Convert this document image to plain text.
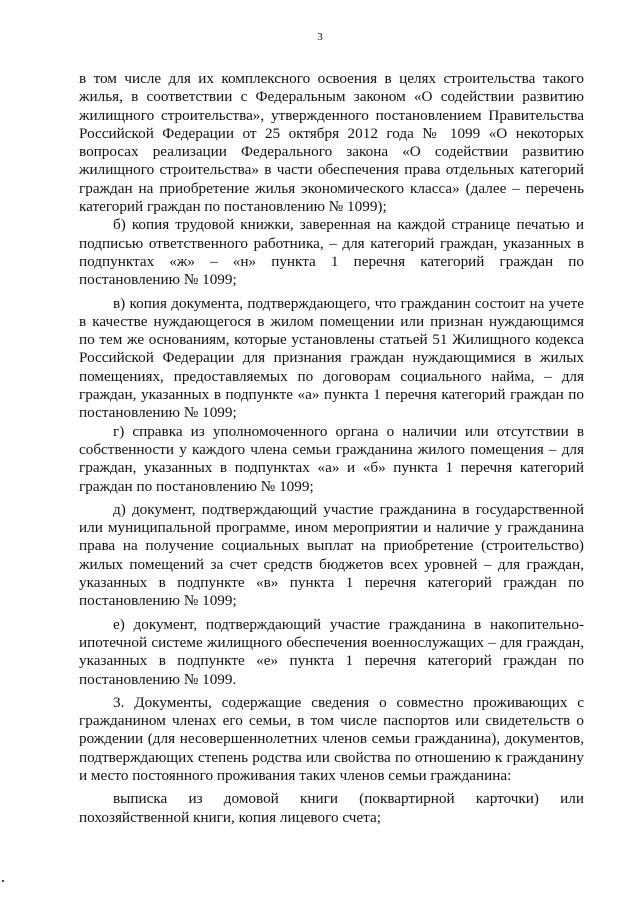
3

в том числе для их комплексного освоения в целях строительства такого жилья, в соответствии с Федеральным законом «О содействии развитию жилищного строительства», утвержденного постановлением Правительства Российской Федерации от 25 октября 2012 года № 1099 «О некоторых вопросах реализации Федерального закона «О содействии развитию жилищного строительства» в части обеспечения права отдельных категорий граждан на приобретение жилья экономического класса» (далее – перечень категорий граждан по постановлению № 1099);

б) копия трудовой книжки, заверенная на каждой странице печатью и подписью ответственного работника, – для категорий граждан, указанных в подпунктах «ж» – «н» пункта 1 перечня категорий граждан по постановлению № 1099;

в) копия документа, подтверждающего, что гражданин состоит на учете в качестве нуждающегося в жилом помещении или признан нуждающимся по тем же основаниям, которые установлены статьей 51 Жилищного кодекса Российской Федерации для признания граждан нуждающимися в жилых помещениях, предоставляемых по договорам социального найма, – для граждан, указанных в подпункте «а» пункта 1 перечня категорий граждан по постановлению № 1099;

г) справка из уполномоченного органа о наличии или отсутствии в собственности у каждого члена семьи гражданина жилого помещения – для граждан, указанных в подпунктах «а» и «б» пункта 1 перечня категорий граждан по постановлению № 1099;

д) документ, подтверждающий участие гражданина в государственной или муниципальной программе, ином мероприятии и наличие у гражданина права на получение социальных выплат на приобретение (строительство) жилых помещений за счет средств бюджетов всех уровней – для граждан, указанных в подпункте «в» пункта 1 перечня категорий граждан по постановлению № 1099;

е) документ, подтверждающий участие гражданина в накопительно-ипотечной системе жилищного обеспечения военнослужащих – для граждан, указанных в подпункте «е» пункта 1 перечня категорий граждан по постановлению № 1099.

3. Документы, содержащие сведения о совместно проживающих с гражданином членах его семьи, в том числе паспортов или свидетельств о рождении (для несовершеннолетних членов семьи гражданина), документов, подтверждающих степень родства или свойства по отношению к гражданину и место постоянного проживания таких членов семьи гражданина:

выписка из домовой книги (поквартирной карточки) или похозяйственной книги, копия лицевого счета;
